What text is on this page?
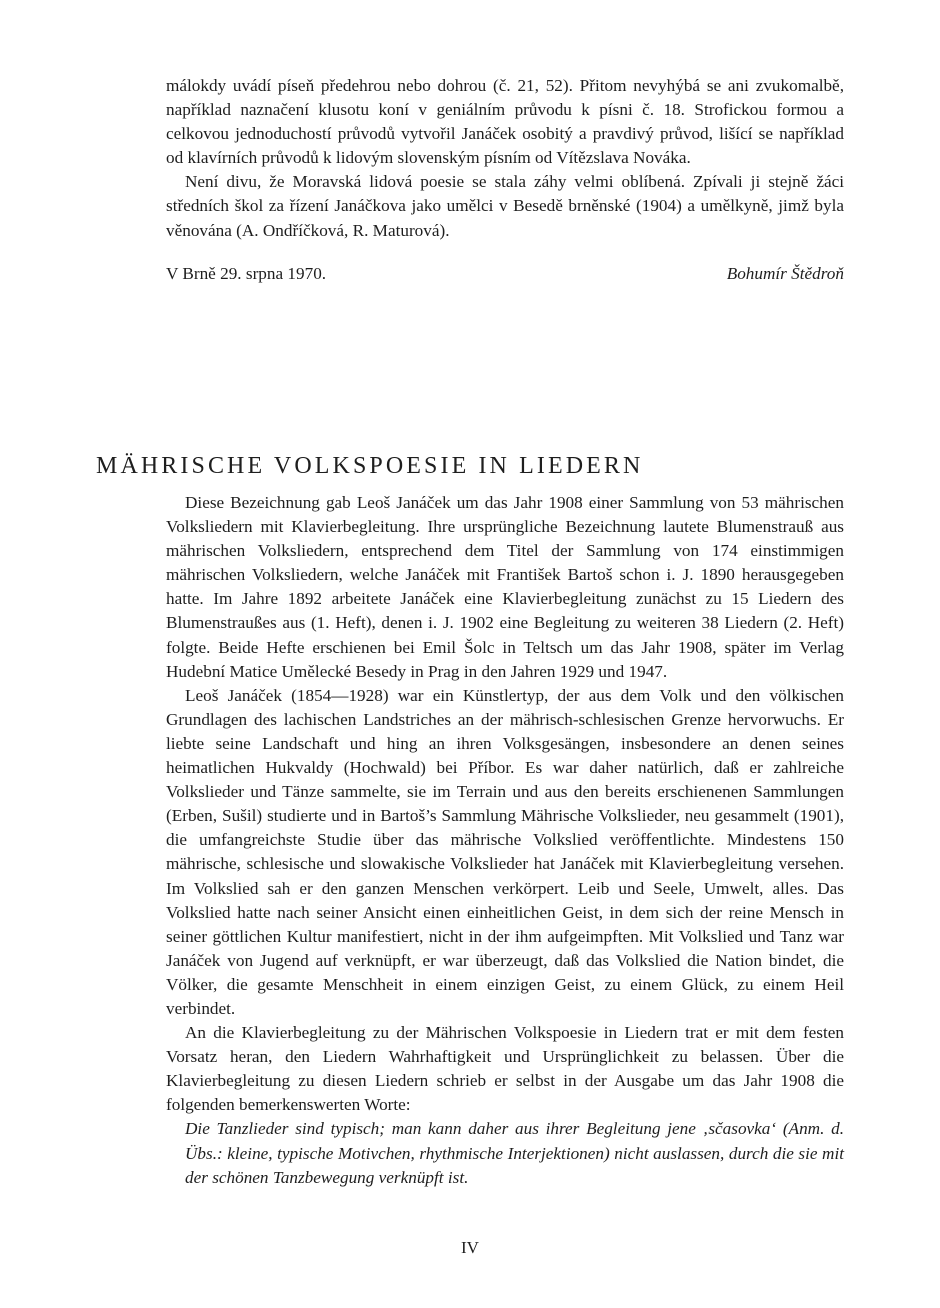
málokdy uvádí píseň předehrou nebo dohrou (č. 21, 52). Přitom nevyhýbá se ani zvukomalbě, například naznačení klusotu koní v geniálním průvodu k písni č. 18. Strofickou formou a celkovou jednoduchostí průvodů vytvořil Janáček osobitý a pravdivý průvod, lišící se například od klavírních průvodů k lidovým slovenským písním od Vítězslava Nováka.

Není divu, že Moravská lidová poesie se stala záhy velmi oblíbená. Zpívali ji stejně žáci středních škol za řízení Janáčkova jako umělci v Besedě brněnské (1904) a umělkyně, jimž byla věnována (A. Ondříčková, R. Maturová).

V Brně 29. srpna 1970.	Bohumír Štědroň
MÄHRISCHE VOLKSPOESIE IN LIEDERN

Diese Bezeichnung gab Leoš Janáček um das Jahr 1908 einer Sammlung von 53 mährischen Volksliedern mit Klavierbegleitung. Ihre ursprüngliche Bezeichnung lautete Blumenstrauß aus mährischen Volksliedern, entsprechend dem Titel der Sammlung von 174 einstimmigen mährischen Volksliedern, welche Janáček mit František Bartoš schon i. J. 1890 herausgegeben hatte. Im Jahre 1892 arbeitete Janáček eine Klavierbegleitung zunächst zu 15 Liedern des Blumenstraußes aus (1. Heft), denen i. J. 1902 eine Begleitung zu weiteren 38 Liedern (2. Heft) folgte. Beide Hefte erschienen bei Emil Šolc in Teltsch um das Jahr 1908, später im Verlag Hudební Matice Umělecké Besedy in Prag in den Jahren 1929 und 1947.

Leoš Janáček (1854—1928) war ein Künstlertyp, der aus dem Volk und den völkischen Grundlagen des lachischen Landstriches an der mährisch-schlesischen Grenze hervorwuchs. Er liebte seine Landschaft und hing an ihren Volksgesängen, insbesondere an denen seines heimatlichen Hukvaldy (Hochwald) bei Příbor. Es war daher natürlich, daß er zahlreiche Volkslieder und Tänze sammelte, sie im Terrain und aus den bereits erschienenen Sammlungen (Erben, Sušil) studierte und in Bartoš’s Sammlung Mährische Volkslieder, neu gesammelt (1901), die umfangreichste Studie über das mährische Volkslied veröffentlichte. Mindestens 150 mährische, schlesische und slowakische Volkslieder hat Janáček mit Klavierbegleitung versehen. Im Volkslied sah er den ganzen Menschen verkörpert. Leib und Seele, Umwelt, alles. Das Volkslied hatte nach seiner Ansicht einen einheitlichen Geist, in dem sich der reine Mensch in seiner göttlichen Kultur manifestiert, nicht in der ihm aufgeimpften. Mit Volkslied und Tanz war Janáček von Jugend auf verknüpft, er war überzeugt, daß das Volkslied die Nation bindet, die Völker, die gesamte Menschheit in einem einzigen Geist, zu einem Glück, zu einem Heil verbindet.

An die Klavierbegleitung zu der Mährischen Volkspoesie in Liedern trat er mit dem festen Vorsatz heran, den Liedern Wahrhaftigkeit und Ursprünglichkeit zu belassen. Über die Klavierbegleitung zu diesen Liedern schrieb er selbst in der Ausgabe um das Jahr 1908 die folgenden bemerkenswerten Worte:

Die Tanzlieder sind typisch; man kann daher aus ihrer Begleitung jene ‚sčasovka‘ (Anm. d. Übs.: kleine, typische Motivchen, rhythmische Interjektionen) nicht auslassen, durch die sie mit der schönen Tanzbewegung verknüpft ist.

IV
